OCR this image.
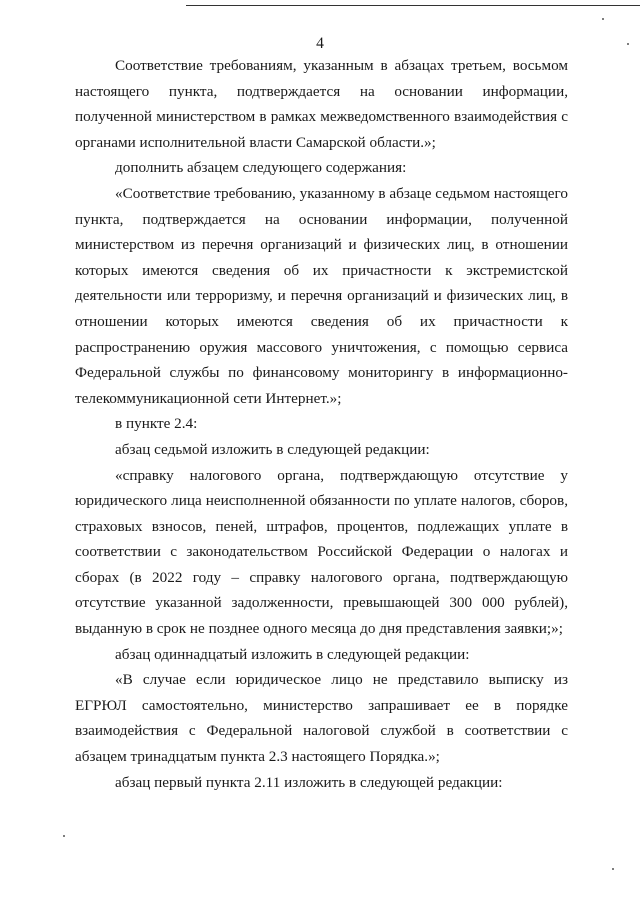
4

Соответствие требованиям, указанным в абзацах третьем, восьмом настоящего пункта, подтверждается на основании информации, полученной министерством в рамках межведомственного взаимодействия с органами исполнительной власти Самарской области.»;

дополнить абзацем следующего содержания:

«Соответствие требованию, указанному в абзаце седьмом настоящего пункта, подтверждается на основании информации, полученной министерством из перечня организаций и физических лиц, в отношении которых имеются сведения об их причастности к экстремистской деятельности или терроризму, и перечня организаций и физических лиц, в отношении которых имеются сведения об их причастности к распространению оружия массового уничтожения, с помощью сервиса Федеральной службы по финансовому мониторингу в информационно-телекоммуникационной сети Интернет.»;

в пункте 2.4:

абзац седьмой изложить в следующей редакции:

«справку налогового органа, подтверждающую отсутствие у юридического лица неисполненной обязанности по уплате налогов, сборов, страховых взносов, пеней, штрафов, процентов, подлежащих уплате в соответствии с законодательством Российской Федерации о налогах и сборах (в 2022 году – справку налогового органа, подтверждающую отсутствие указанной задолженности, превышающей 300 000 рублей), выданную в срок не позднее одного месяца до дня представления заявки;»;

абзац одиннадцатый изложить в следующей редакции:

«В случае если юридическое лицо не представило выписку из ЕГРЮЛ самостоятельно, министерство запрашивает ее в порядке взаимодействия с Федеральной налоговой службой в соответствии с абзацем тринадцатым пункта 2.3 настоящего Порядка.»;

абзац первый пункта 2.11 изложить в следующей редакции:
